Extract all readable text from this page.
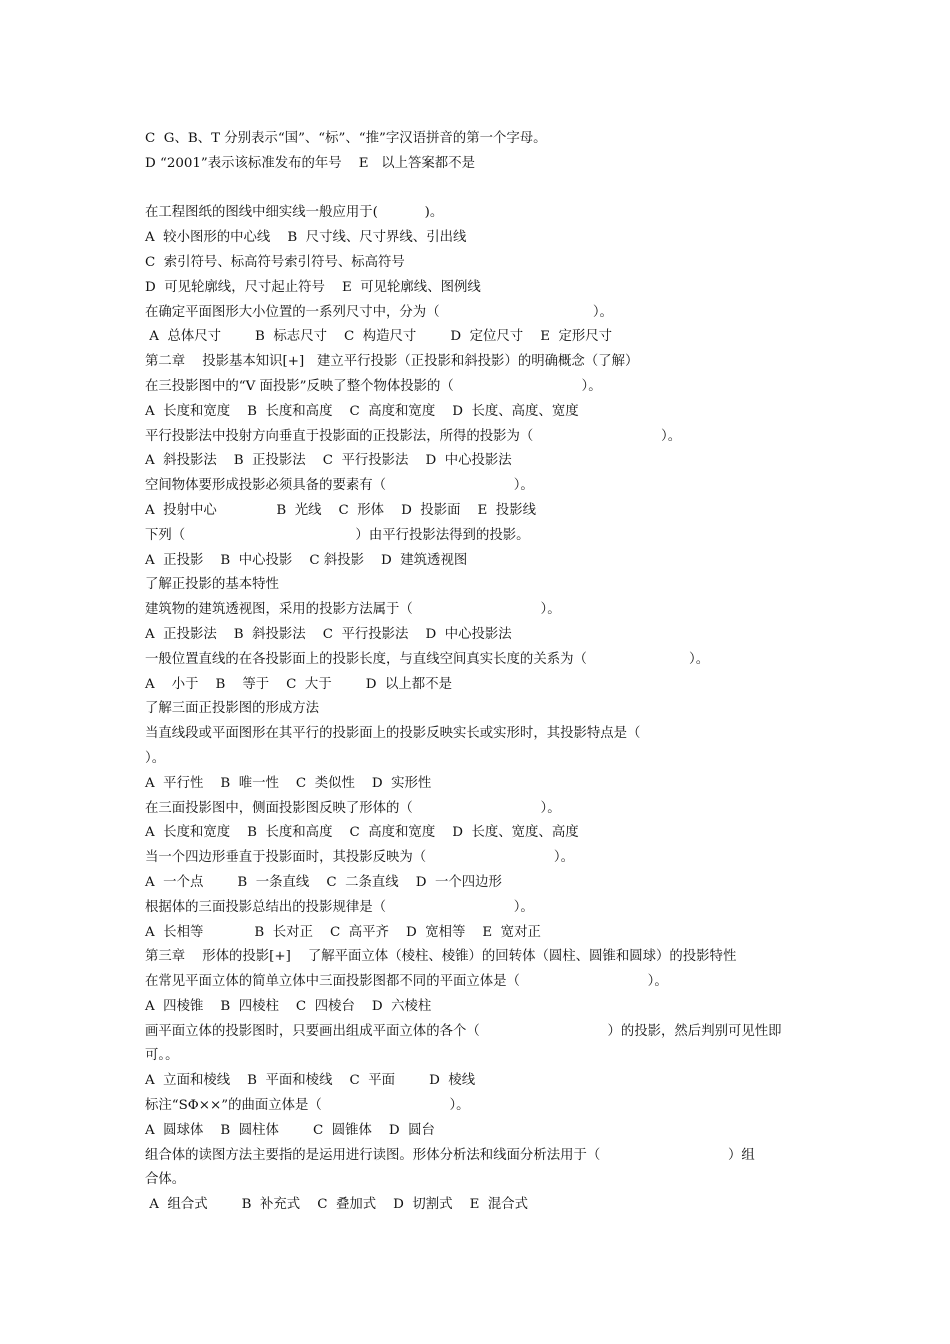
C  G、B、T 分别表示“国”、“标”、“推”字汉语拼音的第一个字母。
D “2001”表示该标准发布的年号    E   以上答案都不是
在工程图纸的图线中细实线一般应用于(           )。
A  较小图形的中心线    B  尺寸线、尺寸界线、引出线
C  索引符号、标高符号索引符号、标高符号
D  可见轮廓线，尺寸起止符号    E  可见轮廓线、图例线
在确定平面图形大小位置的一系列尺寸中，分为（                                    ）。
A  总体尺寸        B  标志尺寸    C  构造尺寸        D  定位尺寸    E  定形尺寸
第二章    投影基本知识[+]   建立平行投影（正投影和斜投影）的明确概念（了解）
在三投影图中的“V 面投影”反映了整个物体投影的（                              ）。
A  长度和宽度    B  长度和高度    C  高度和宽度    D  长度、高度、宽度
平行投影法中投射方向垂直于投影面的正投影法，所得的投影为（                              ）。
A  斜投影法    B  正投影法    C  平行投影法    D  中心投影法
空间物体要形成投影必须具备的要素有（                              ）。
A  投射中心              B  光线    C  形体    D  投影面    E  投影线
下列（                                        ）由平行投影法得到的投影。
A  正投影    B  中心投影    C 斜投影    D  建筑透视图
了解正投影的基本特性
建筑物的建筑透视图，采用的投影方法属于（                              ）。
A  正投影法    B  斜投影法    C  平行投影法    D  中心投影法
一般位置直线的在各投影面上的投影长度，与直线空间真实长度的关系为（                        ）。
A    小于    B    等于    C  大于        D  以上都不是
了解三面正投影图的形成方法
当直线段或平面图形在其平行的投影面上的投影反映实长或实形时，其投影特点是（
）。
A  平行性    B  唯一性    C  类似性    D  实形性
在三面投影图中，侧面投影图反映了形体的（                              ）。
A  长度和宽度    B  长度和高度    C  高度和宽度    D  长度、宽度、高度
当一个四边形垂直于投影面时，其投影反映为（                              ）。
A  一个点        B  一条直线    C  二条直线    D  一个四边形
根据体的三面投影总结出的投影规律是（                              ）。
A  长相等            B  长对正    C  高平齐    D  宽相等    E  宽对正
第三章    形体的投影[+]    了解平面立体（棱柱、棱锥）的回转体（圆柱、圆锥和圆球）的投影特性
在常见平面立体的简单立体中三面投影图都不同的平面立体是（                              ）。
A  四棱锥    B  四棱柱    C  四棱台    D  六棱柱
画平面立体的投影图时，只要画出组成平面立体的各个（                              ）的投影，然后判别可见性即
可。。
A  立面和棱线    B  平面和棱线    C  平面        D  棱线
标注“SΦ××”的曲面立体是（                              ）。
A  圆球体    B  圆柱体        C  圆锥体    D  圆台
组合体的读图方法主要指的是运用进行读图。形体分析法和线面分析法用于（                              ）组
合体。
A  组合式        B  补充式    C  叠加式    D  切割式    E  混合式
